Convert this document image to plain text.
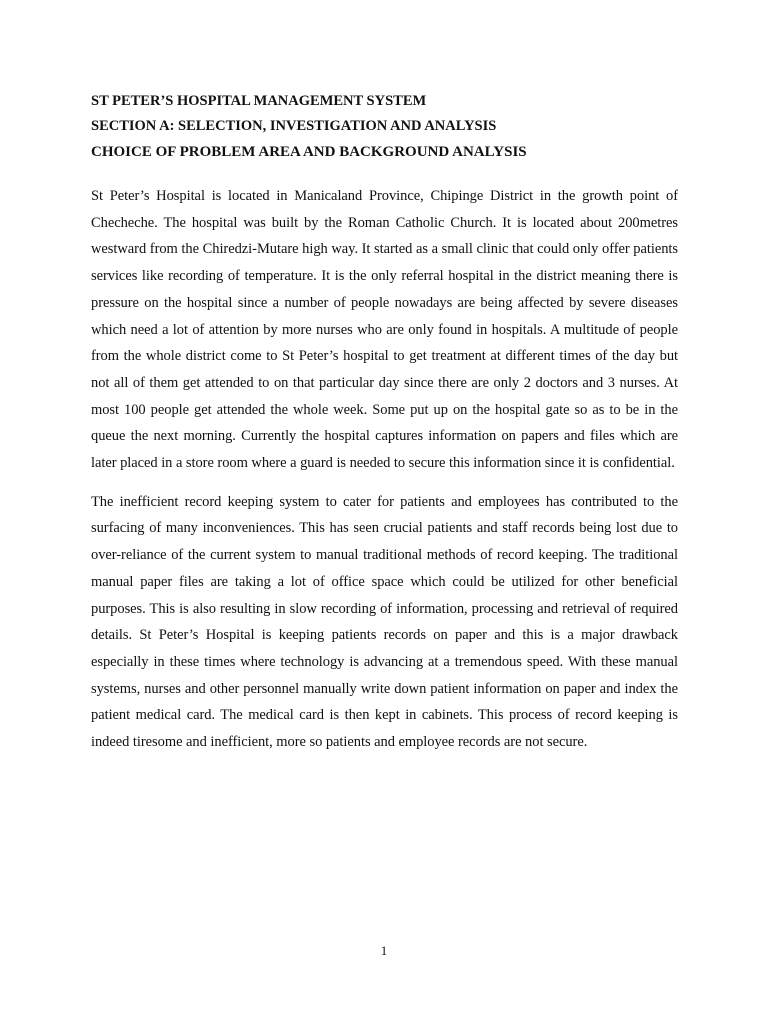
ST PETER’S HOSPITAL MANAGEMENT SYSTEM

SECTION A: SELECTION, INVESTIGATION AND ANALYSIS

CHOICE OF PROBLEM AREA AND BACKGROUND ANALYSIS

St Peter’s Hospital is located in Manicaland Province, Chipinge District in the growth point of Checheche. The hospital was built by the Roman Catholic Church. It is located about 200metres westward from the Chiredzi-Mutare high way. It started as a small clinic that could only offer patients services like recording of temperature. It is the only referral hospital in the district meaning there is pressure on the hospital since a number of people nowadays are being affected by severe diseases which need a lot of attention by more nurses who are only found in hospitals. A multitude of people from the whole district come to St Peter’s hospital to get treatment at different times of the day but not all of them get attended to on that particular day since there are only 2 doctors and 3 nurses. At most 100 people get attended the whole week. Some put up on the hospital gate so as to be in the queue the next morning. Currently the hospital captures information on papers and files which are later placed in a store room where a guard is needed to secure this information since it is confidential.

The inefficient record keeping system to cater for patients and employees has contributed to the surfacing of many inconveniences. This has seen crucial patients and staff records being lost due to over-reliance of the current system to manual traditional methods of record keeping. The traditional manual paper files are taking a lot of office space which could be utilized for other beneficial purposes. This is also resulting in slow recording of information, processing and retrieval of required details. St Peter’s Hospital is keeping patients records on paper and this is a major drawback especially in these times where technology is advancing at a tremendous speed. With these manual systems, nurses and other personnel manually write down patient information on paper and index the patient medical card. The medical card is then kept in cabinets. This process of record keeping is indeed tiresome and inefficient, more so patients and employee records are not secure.

1
